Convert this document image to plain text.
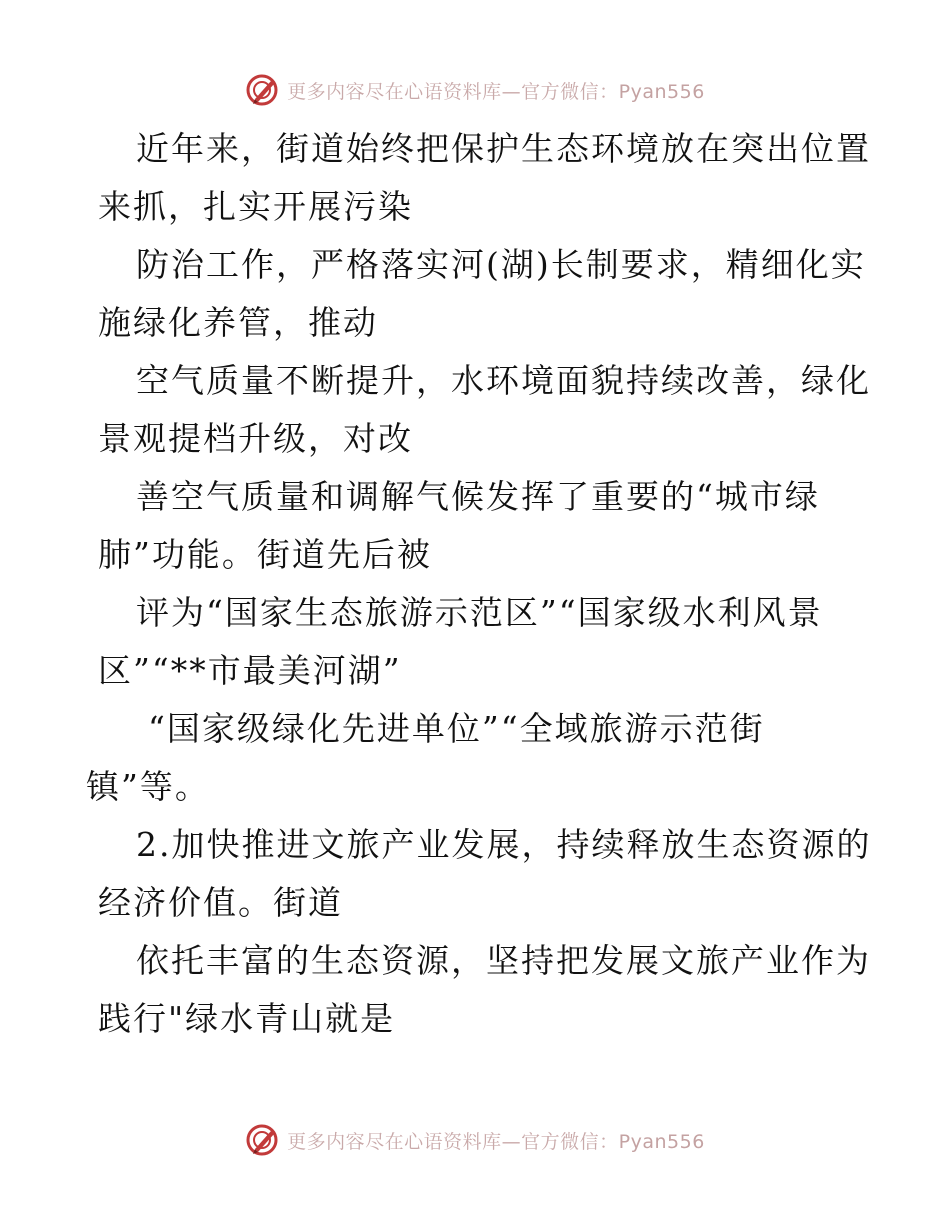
更多内容尽在心语资料库—官方微信：Pyan556

近年来，街道始终把保护生态环境放在突出位置

来抓，扎实开展污染

防治工作，严格落实河(湖)长制要求，精细化实

施绿化养管，推动

空气质量不断提升，水环境面貌持续改善，绿化

景观提档升级，对改

善空气质量和调解气候发挥了重要的“城市绿

肺”功能。街道先后被

评为“国家生态旅游示范区”“国家级水利风景

区”“**市最美河湖”

“国家级绿化先进单位”“全域旅游示范街

镇”等。

2.加快推进文旅产业发展，持续释放生态资源的

经济价值。街道

依托丰富的生态资源，坚持把发展文旅产业作为

践行"绿水青山就是

更多内容尽在心语资料库—官方微信：Pyan556
